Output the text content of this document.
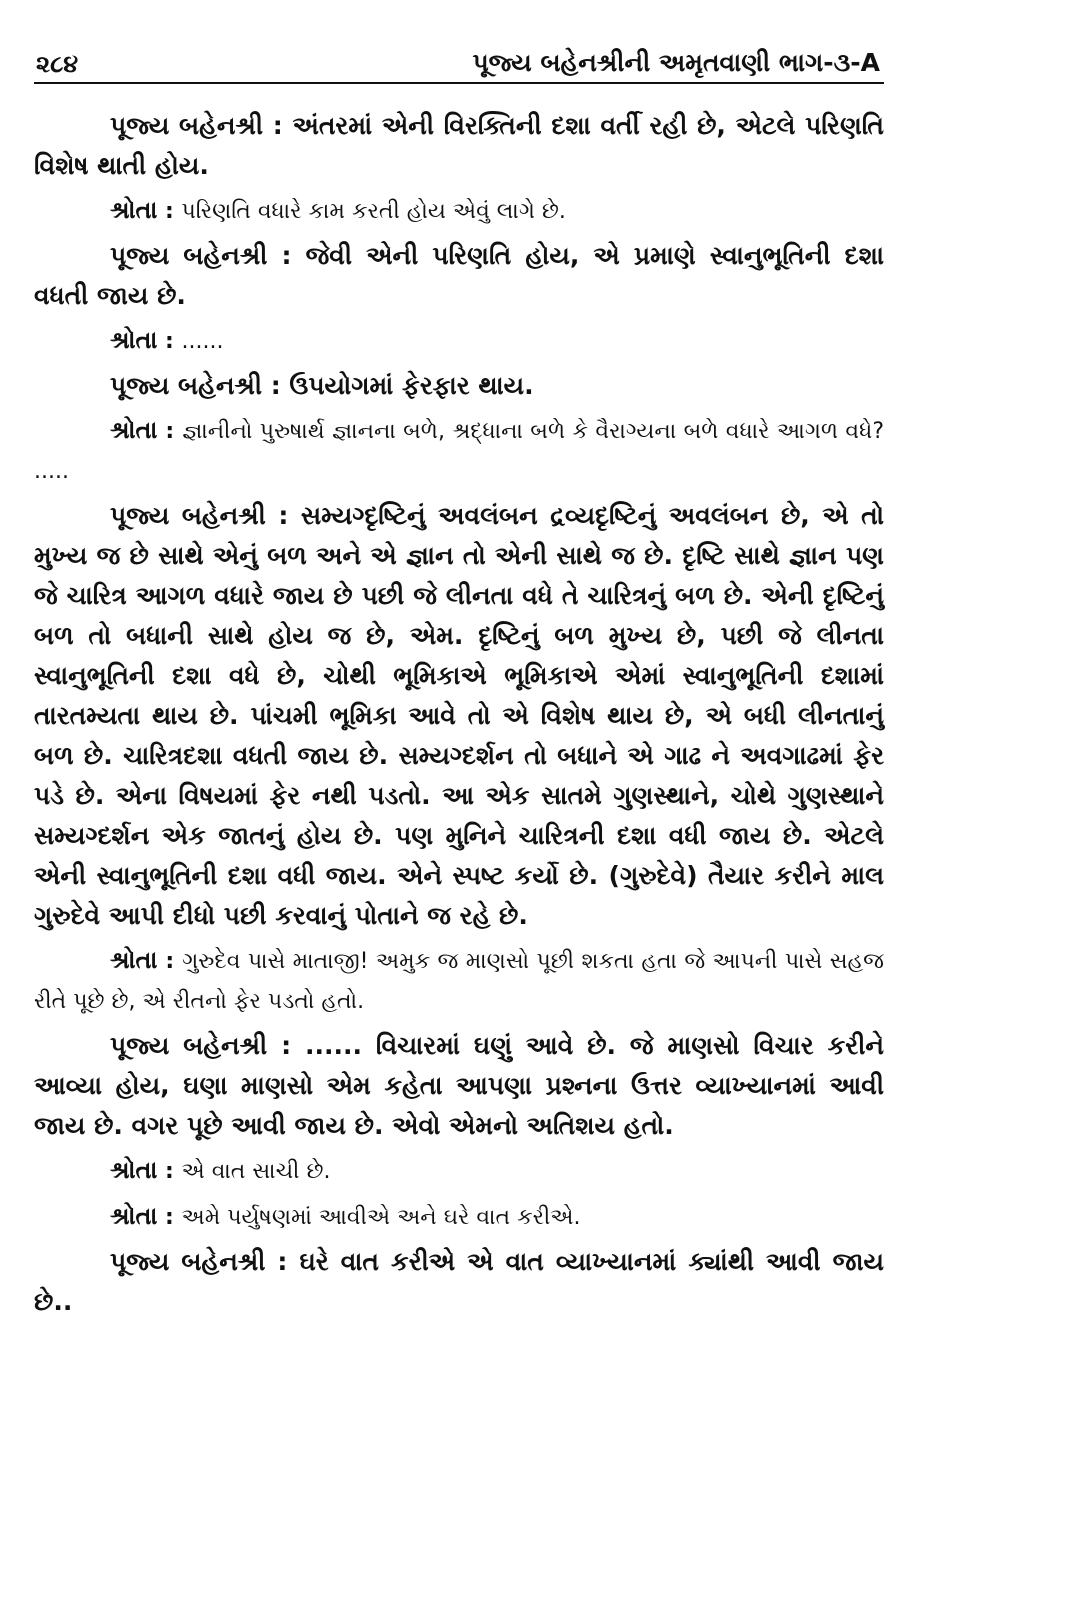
૨૮૪	પૂજ્ય બહેનશ્રીની અમૃતવાણી ભાગ-૩-A

પૂજ્ય બહેનશ્રી : અંતરમાં એની વિરક્તિની દશા વર્તી રહી છે, એટલે પરિણતિ વિશેષ થાતી હોય.

શ્રોતા : પરિણતિ વધારે કામ કરતી હોય એવું લાગે છે.

પૂજ્ય બહેનશ્રી : જેવી એની પરિણતિ હોય, એ પ્રમાણે સ્વાનુભૂતિની દશા વધતી જાય છે.

શ્રોતા : ......

પૂજ્ય બહેનશ્રી : ઉપયોગમાં ફેરફાર થાય.

શ્રોતા : જ્ઞાનીનો પુરુષાર્થ જ્ઞાનના બળે, શ્રદ્ધાના બળે કે વૈરાગ્યના બળે વધારે આગળ વધે? .....

પૂજ્ય બહેનશ્રી : સમ્યગ્દૃષ્ટિનું અવલંબન દ્રવ્યદૃષ્ટિનું અવલંબન છે, એ તો મુખ્ય જ છે સાથે એનું બળ અને એ જ્ઞાન તો એની સાથે જ છે. દૃષ્ટિ સાથે જ્ઞાન પણ જે ચારિત્ર આગળ વધારે જાય છે પછી જે લીનતા વધે તે ચારિત્રનું બળ છે. એની દૃષ્ટિનું બળ તો બધાની સાથે હોય જ છે, એમ. દૃષ્ટિનું બળ મુખ્ય છે, પછી જે લીનતા સ્વાનુભૂતિની દશા વધે છે, ચોથી ભૂમિકાએ ભૂમિકાએ એમાં સ્વાનુભૂતિની દશામાં તારતમ્યતા થાય છે. પાંચમી ભૂમિકા આવે તો એ વિશેષ થાય છે, એ બધી લીનતાનું બળ છે. ચારિત્રદશા વધતી જાય છે. સમ્યગ્દર્શન તો બધાને એ ગાઢ ને અવગાઢમાં ફેર પડે છે. એના વિષયમાં ફેર નથી પડતો. આ એક સાતમે ગુણસ્થાને, ચોથે ગુણસ્થાને સમ્યગ્દર્શન એક જાતનું હોય છે. પણ મુનિને ચારિત્રની દશા વધી જાય છે. એટલે એની સ્વાનુભૂતિની દશા વધી જાય. એને સ્પષ્ટ કર્યો છે. (ગુરુદેવે) તૈયાર કરીને માલ ગુરુદેવે આપી દીધો પછી કરવાનું પોતાને જ રહે છે.

શ્રોતા : ગુરુદેવ પાસે માતાજી! અમુક જ માણસો પૂછી શકતા હતા જે આપની પાસે સહજ રીતે પૂછે છે, એ રીતનો ફેર પડતો હતો.

પૂજ્ય બહેનશ્રી : ...... વિચારમાં ઘણું આવે છે. જે માણસો વિચાર કરીને આવ્યા હોય, ઘણા માણસો એમ કહેતા આપણા પ્રશ્નના ઉત્તર વ્યાખ્યાનમાં આવી જાય છે. વગર પૂછે આવી જાય છે. એવો એમનો અતિશય હતો.

શ્રોતા : એ વાત સાચી છે.

શ્રોતા : અમે પર્યુષણમાં આવીએ અને ઘરે વાત કરીએ.

પૂજ્ય બહેનશ્રી : ઘરે વાત કરીએ એ વાત વ્યાખ્યાનમાં ક્યાંથી આવી જાય છે..
